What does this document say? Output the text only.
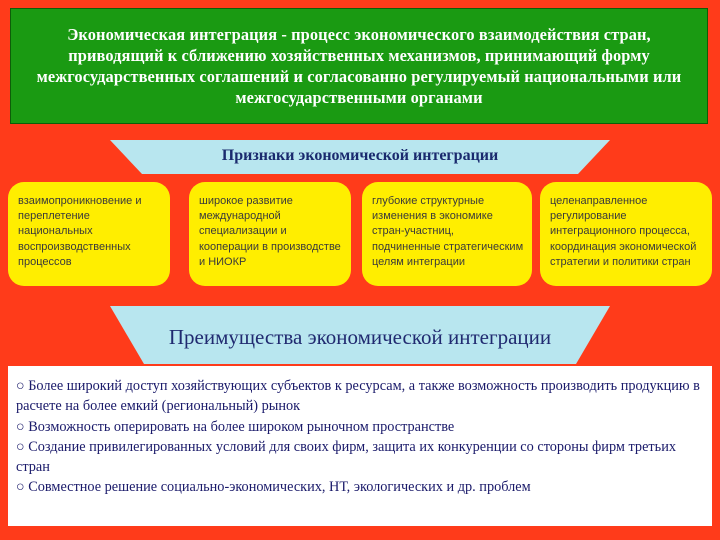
Экономическая интеграция - процесс экономического взаимодействия стран, приводящий к сближению хозяйственных механизмов, принимающий форму межгосударственных соглашений и согласованно регулируемый национальными или межгосударственными органами
Признаки экономической интеграции
взаимопроникновение и переплетение национальных воспроизводственных процессов
широкое развитие международной специализации и кооперации в производстве и НИОКР
глубокие структурные изменения в экономике стран-участниц, подчиненные стратегическим целям интеграции
целенаправленное регулирование интеграционного процесса, координация экономической стратегии и политики стран
Преимущества экономической интеграции
○ Более широкий доступ хозяйствующих субъектов к ресурсам, а также возможность производить продукцию в расчете на более емкий (региональный) рынок
○ Возможность оперировать на более широком рыночном пространстве
○ Создание привилегированных условий для своих фирм, защита их конкуренции со стороны фирм третьих стран
○ Совместное решение социально-экономических, НТ, экологических и др. проблем
